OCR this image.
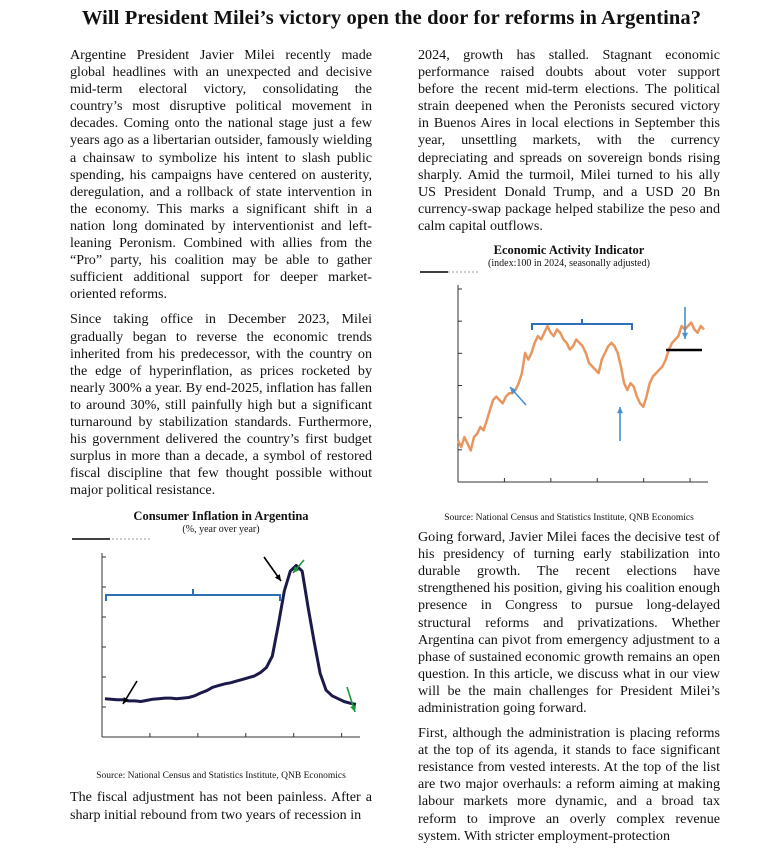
Will President Milei’s victory open the door for reforms in Argentina?

Argentine President Javier Milei recently made global headlines with an unexpected and decisive mid-term electoral victory, consolidating the country’s most disruptive political movement in decades. Coming onto the national stage just a few years ago as a libertarian outsider, famously wielding a chainsaw to symbolize his intent to slash public spending, his campaigns have centered on austerity, deregulation, and a rollback of state intervention in the economy. This marks a significant shift in a nation long dominated by interventionist and left-leaning Peronism. Combined with allies from the “Pro” party, his coalition may be able to gather sufficient additional support for deeper market-oriented reforms.

Since taking office in December 2023, Milei gradually began to reverse the economic trends inherited from his predecessor, with the country on the edge of hyperinflation, as prices rocketed by nearly 300% a year. By end-2025, inflation has fallen to around 30%, still painfully high but a significant turnaround by stabilization standards. Furthermore, his government delivered the country’s first budget surplus in more than a decade, a symbol of restored fiscal discipline that few thought possible without major political resistance.

Consumer Inflation in Argentina

(%, year over year)

Source: National Census and Statistics Institute, QNB Economics

The fiscal adjustment has not been painless. After a sharp initial rebound from two years of recession in

2024, growth has stalled. Stagnant economic performance raised doubts about voter support before the recent mid-term elections. The political strain deepened when the Peronists secured victory in Buenos Aires in local elections in September this year, unsettling markets, with the currency depreciating and spreads on sovereign bonds rising sharply. Amid the turmoil, Milei turned to his ally US President Donald Trump, and a USD 20 Bn currency-swap package helped stabilize the peso and calm capital outflows.

Economic Activity Indicator

(index:100 in 2024, seasonally adjusted)

Source: National Census and Statistics Institute, QNB Economics

Going forward, Javier Milei faces the decisive test of his presidency of turning early stabilization into durable growth. The recent elections have strengthened his position, giving his coalition enough presence in Congress to pursue long-delayed structural reforms and privatizations. Whether Argentina can pivot from emergency adjustment to a phase of sustained economic growth remains an open question. In this article, we discuss what in our view will be the main challenges for President Milei’s administration going forward.

First, although the administration is placing reforms at the top of its agenda, it stands to face significant resistance from vested interests. At the top of the list are two major overhauls: a reform aiming at making labour markets more dynamic, and a broad tax reform to improve an overly complex revenue system. With stricter employment-protection
